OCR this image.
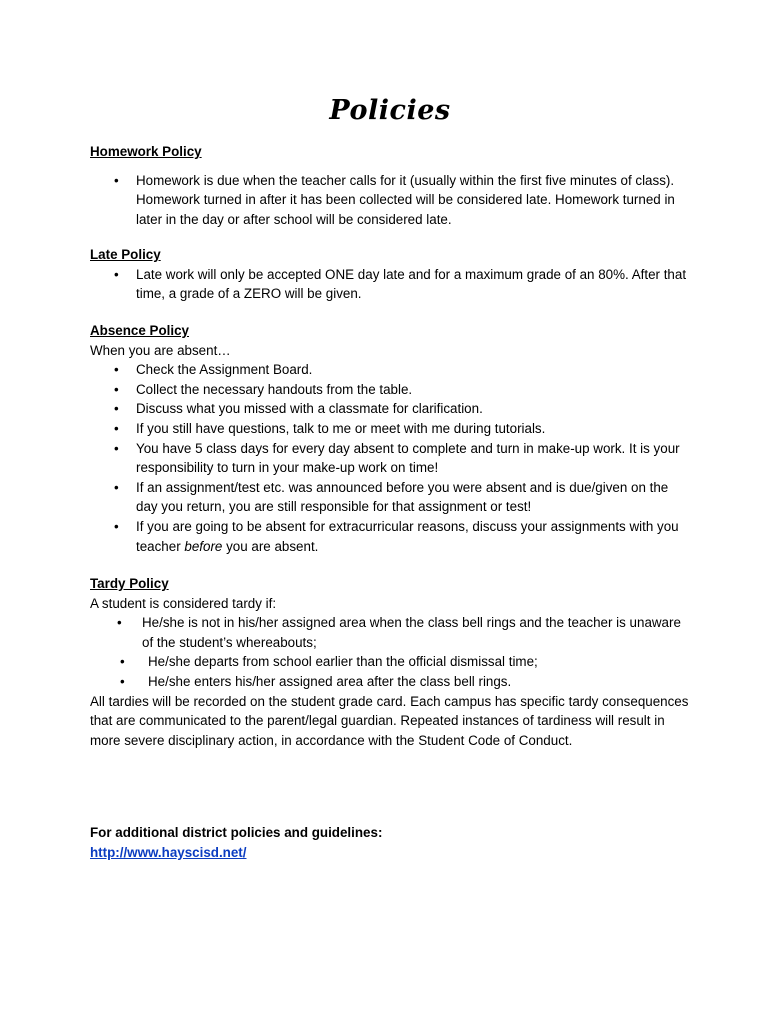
Policies
Homework Policy
• Homework is due when the teacher calls for it (usually within the first five minutes of class). Homework turned in after it has been collected will be considered late. Homework turned in later in the day or after school will be considered late.
Late Policy
• Late work will only be accepted ONE day late and for a maximum grade of an 80%. After that time, a grade of a ZERO will be given.
Absence Policy
When you are absent…
• Check the Assignment Board.
• Collect the necessary handouts from the table.
• Discuss what you missed with a classmate for clarification.
• If you still have questions, talk to me or meet with me during tutorials.
• You have 5 class days for every day absent to complete and turn in make-up work. It is your responsibility to turn in your make-up work on time!
• If an assignment/test etc. was announced before you were absent and is due/given on the day you return, you are still responsible for that assignment or test!
• If you are going to be absent for extracurricular reasons, discuss your assignments with you teacher before you are absent.
Tardy Policy
A student is considered tardy if:
• He/she is not in his/her assigned area when the class bell rings and the teacher is unaware of the student’s whereabouts;
• He/she departs from school earlier than the official dismissal time;
• He/she enters his/her assigned area after the class bell rings.
All tardies will be recorded on the student grade card. Each campus has specific tardy consequences that are communicated to the parent/legal guardian. Repeated instances of tardiness will result in more severe disciplinary action, in accordance with the Student Code of Conduct.
For additional district policies and guidelines:
http://www.hayscisd.net/
